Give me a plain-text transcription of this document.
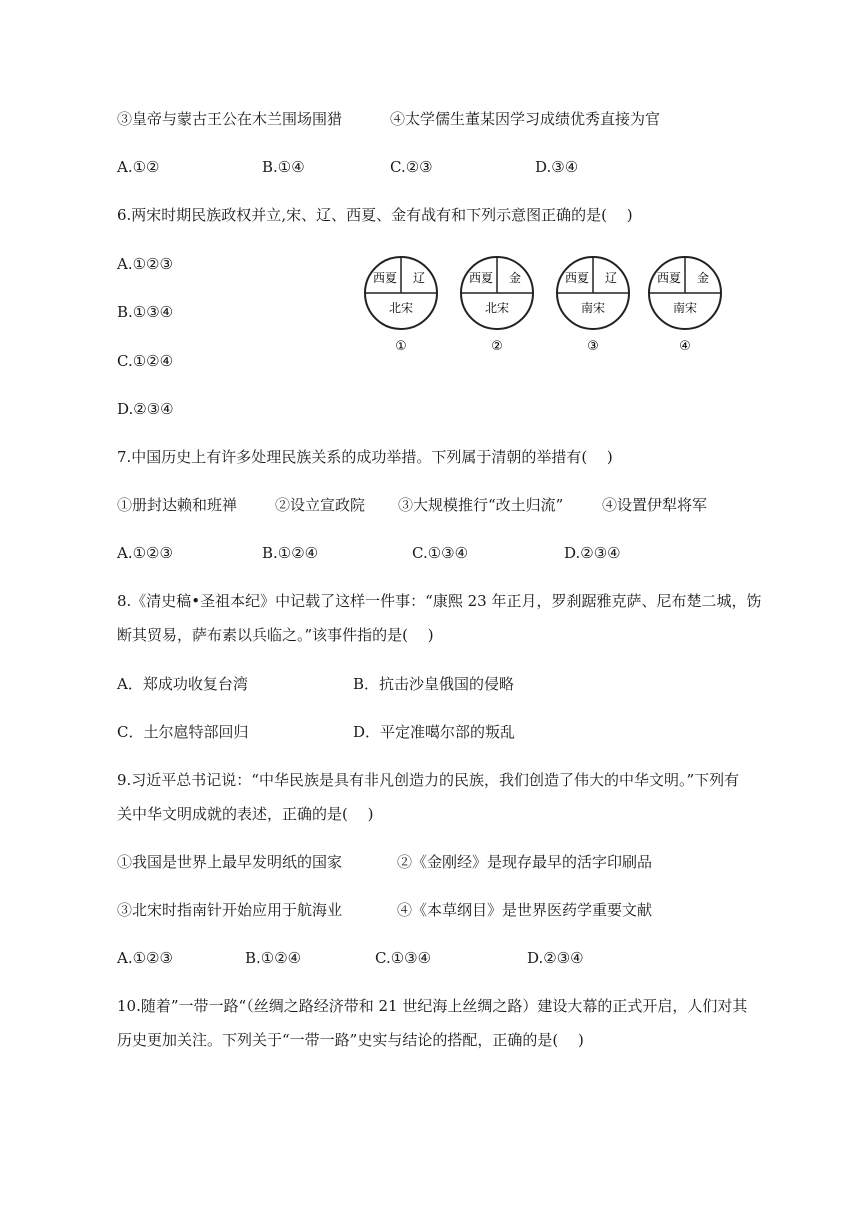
③皇帝与蒙古王公在木兰围场围猎	④太学儒生董某因学习成绩优秀直接为官
A.①②	B.①④	C.②③	D.③④
6.两宋时期民族政权并立,宋、辽、西夏、金有战有和下列示意图正确的是(　 )
A.①②③
B.①③④
C.①②④
D.②③④
西夏 辽
北宋
①
西夏 金
北宋
②
西夏 辽
南宋
③
西夏 金
南宋
④
7.中国历史上有许多处理民族关系的成功举措。下列属于清朝的举措有(　 )
①册封达赖和班禅	②设立宣政院 ③大规模推行“改土归流”	④设置伊犁将军
A.①②③	B.①②④	C.①③④	D.②③④
8.《清史稿•圣祖本纪》中记载了这样一件事：“康熙 23 年正月，罗刹踞雅克萨、尼布楚二城，饬
断其贸易，萨布素以兵临之。”该事件指的是(　 )
A．郑成功收复台湾	B．抗击沙皇俄国的侵略
C．土尔扈特部回归	D．平定准噶尔部的叛乱
9.习近平总书记说：“中华民族是具有非凡创造力的民族，我们创造了伟大的中华文明。”下列有
关中华文明成就的表述，正确的是(　 )
①我国是世界上最早发明纸的国家	②《金刚经》是现存最早的活字印刷品
③北宋时指南针开始应用于航海业	④《本草纲目》是世界医药学重要文献
A.①②③	B.①②④	C.①③④	D.②③④
10.随着”一带一路“（丝绸之路经济带和 21 世纪海上丝绸之路）建设大幕的正式开启，人们对其
历史更加关注。下列关于“一带一路”史实与结论的搭配，正确的是(　 )
